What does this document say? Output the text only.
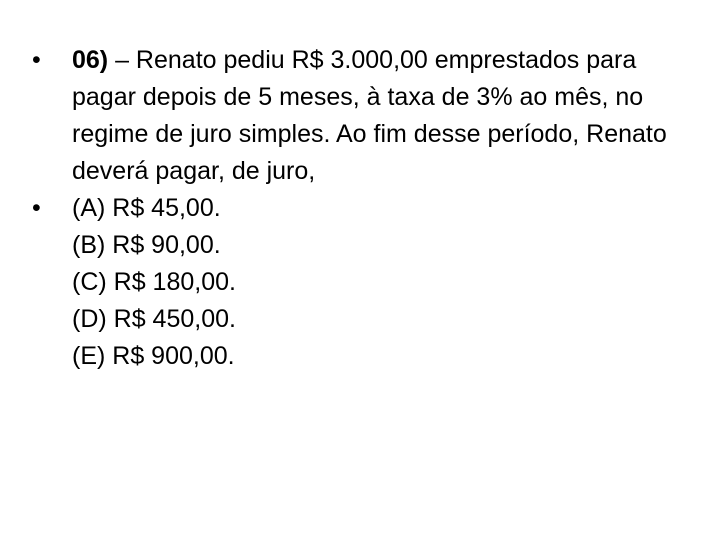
•	06) – Renato pediu R$ 3.000,00 emprestados para pagar depois de 5 meses, à taxa de 3% ao mês, no regime de juro simples. Ao fim desse período, Renato deverá pagar, de juro,
•	(A) R$ 45,00.
(B) R$ 90,00.
(C) R$ 180,00.
(D) R$ 450,00.
(E) R$ 900,00.
